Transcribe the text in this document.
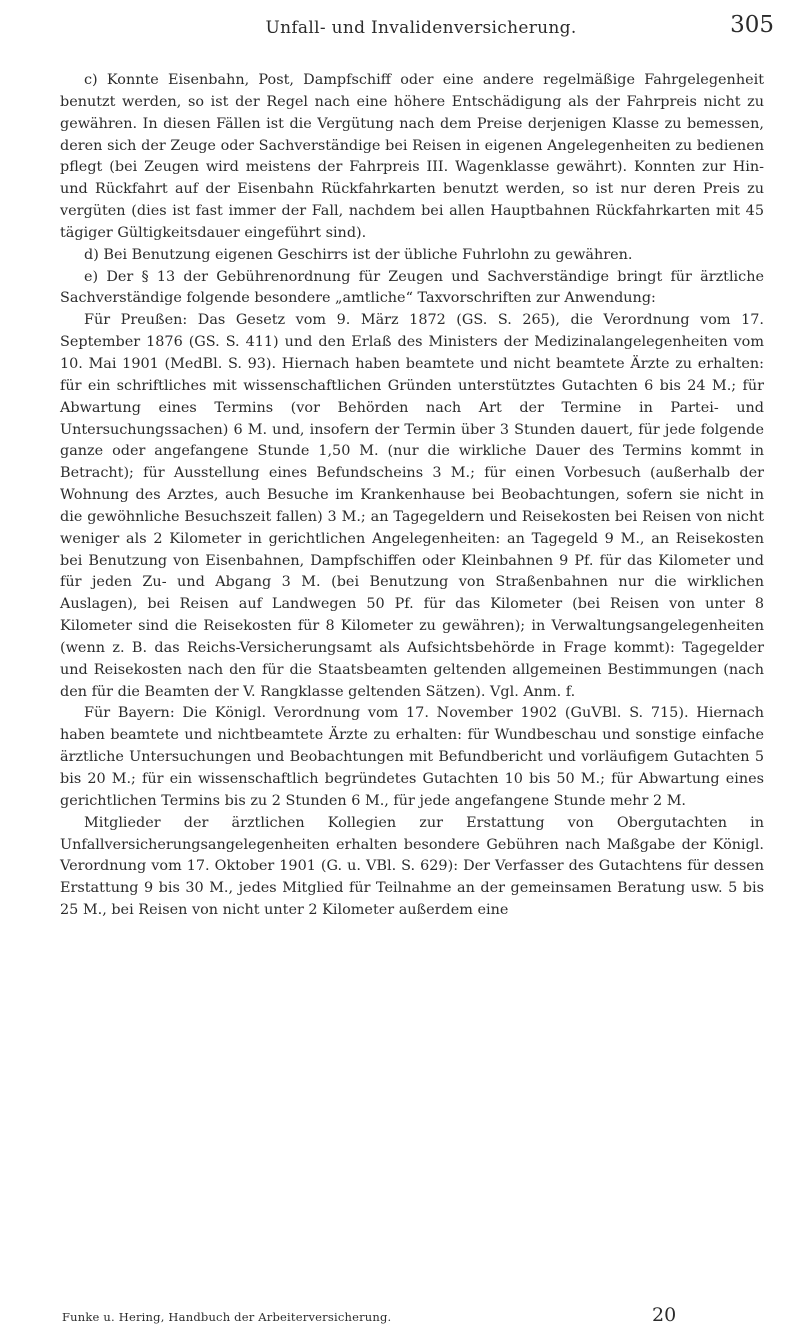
Unfall- und Invalidenversicherung.	305

c) Konnte Eisenbahn, Post, Dampfschiff oder eine andere regelmäßige Fahrgelegenheit benutzt werden, so ist der Regel nach eine höhere Entschädigung als der Fahrpreis nicht zu gewähren. In diesen Fällen ist die Vergütung nach dem Preise derjenigen Klasse zu bemessen, deren sich der Zeuge oder Sachverständige bei Reisen in eigenen Angelegenheiten zu bedienen pflegt (bei Zeugen wird meistens der Fahrpreis III. Wagenklasse gewährt). Konnten zur Hin- und Rückfahrt auf der Eisenbahn Rückfahrkarten benutzt werden, so ist nur deren Preis zu vergüten (dies ist fast immer der Fall, nachdem bei allen Hauptbahnen Rückfahrkarten mit 45 tägiger Gültigkeitsdauer eingeführt sind).

d) Bei Benutzung eigenen Geschirrs ist der übliche Fuhrlohn zu gewähren.

e) Der § 13 der Gebührenordnung für Zeugen und Sachverständige bringt für ärztliche Sachverständige folgende besondere „amtliche“ Taxvorschriften zur Anwendung:

Für Preußen: Das Gesetz vom 9. März 1872 (GS. S. 265), die Verordnung vom 17. September 1876 (GS. S. 411) und den Erlaß des Ministers der Medizinalangelegenheiten vom 10. Mai 1901 (MedBl. S. 93). Hiernach haben beamtete und nicht beamtete Ärzte zu erhalten: für ein schriftliches mit wissenschaftlichen Gründen unterstütztes Gutachten 6 bis 24 M.; für Abwartung eines Termins (vor Behörden nach Art der Termine in Partei- und Untersuchungssachen) 6 M. und, insofern der Termin über 3 Stunden dauert, für jede folgende ganze oder angefangene Stunde 1,50 M. (nur die wirkliche Dauer des Termins kommt in Betracht); für Ausstellung eines Befundscheins 3 M.; für einen Vorbesuch (außerhalb der Wohnung des Arztes, auch Besuche im Krankenhause bei Beobachtungen, sofern sie nicht in die gewöhnliche Besuchszeit fallen) 3 M.; an Tagegeldern und Reisekosten bei Reisen von nicht weniger als 2 Kilometer in gerichtlichen Angelegenheiten: an Tagegeld 9 M., an Reisekosten bei Benutzung von Eisenbahnen, Dampfschiffen oder Kleinbahnen 9 Pf. für das Kilometer und für jeden Zu- und Abgang 3 M. (bei Benutzung von Straßenbahnen nur die wirklichen Auslagen), bei Reisen auf Landwegen 50 Pf. für das Kilometer (bei Reisen von unter 8 Kilometer sind die Reisekosten für 8 Kilometer zu gewähren); in Verwaltungsangelegenheiten (wenn z. B. das Reichs-Versicherungsamt als Aufsichtsbehörde in Frage kommt): Tagegelder und Reisekosten nach den für die Staatsbeamten geltenden allgemeinen Bestimmungen (nach den für die Beamten der V. Rangklasse geltenden Sätzen). Vgl. Anm. f.

Für Bayern: Die Königl. Verordnung vom 17. November 1902 (GuVBl. S. 715). Hiernach haben beamtete und nichtbeamtete Ärzte zu erhalten: für Wundbeschau und sonstige einfache ärztliche Untersuchungen und Beobachtungen mit Befundbericht und vorläufigem Gutachten 5 bis 20 M.; für ein wissenschaftlich begründetes Gutachten 10 bis 50 M.; für Abwartung eines gerichtlichen Termins bis zu 2 Stunden 6 M., für jede angefangene Stunde mehr 2 M.

Mitglieder der ärztlichen Kollegien zur Erstattung von Obergutachten in Unfallversicherungsangelegenheiten erhalten besondere Gebühren nach Maßgabe der Königl. Verordnung vom 17. Oktober 1901 (G. u. VBl. S. 629): Der Verfasser des Gutachtens für dessen Erstattung 9 bis 30 M., jedes Mitglied für Teilnahme an der gemeinsamen Beratung usw. 5 bis 25 M., bei Reisen von nicht unter 2 Kilometer außerdem eine

Funke u. Hering, Handbuch der Arbeiterversicherung.	20
